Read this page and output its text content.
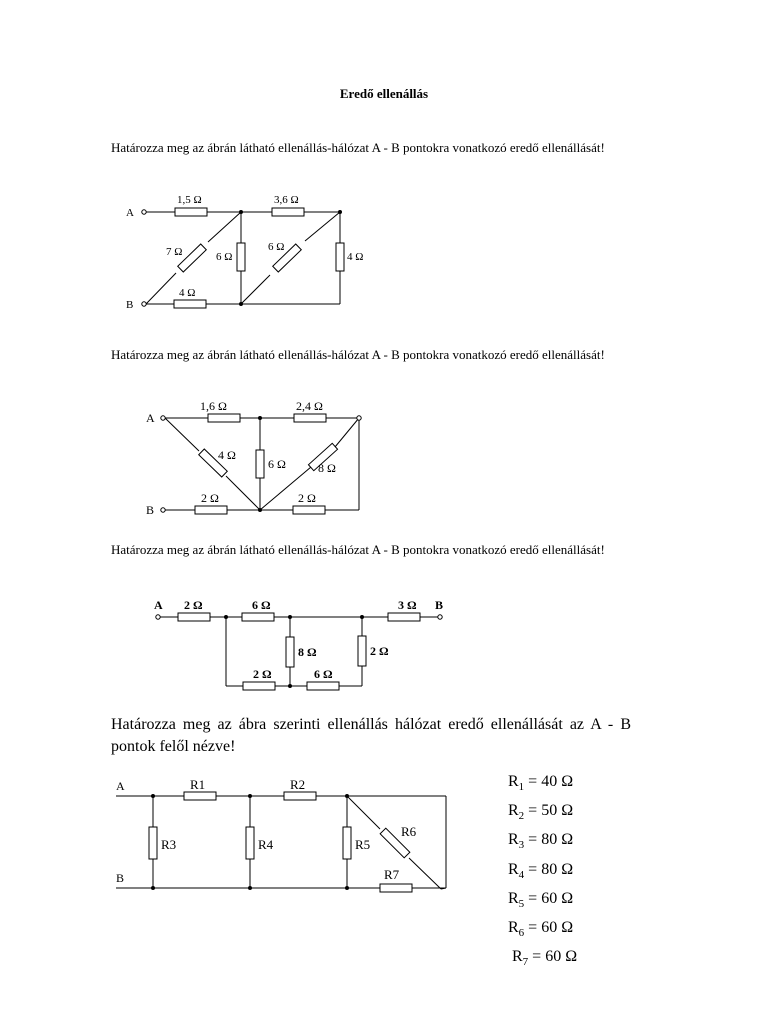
Eredő ellenállás
Határozza meg az ábrán látható ellenállás-hálózat A - B pontokra vonatkozó eredő ellenállását!
A
B
1,5 Ω	3,6 Ω
7 Ω	6 Ω
6 Ω
4 Ω
4 Ω
Határozza meg az ábrán látható ellenállás-hálózat A - B pontokra vonatkozó eredő ellenállását!
A
B
1,6 Ω	2,4 Ω
4 Ω
6 Ω	8 Ω
2 Ω	2 Ω
Határozza meg az ábrán látható ellenállás-hálózat A - B pontokra vonatkozó eredő ellenállását!
A	B
2 Ω	6 Ω	3 Ω
8 Ω	2 Ω
2 Ω	6 Ω
Határozza meg az ábra szerinti ellenállás hálózat eredő ellenállását az A - B pontok felől nézve!
A
B
R1	R2
R3	R4	R5
R6
R7
$R_1 = 40$ Ω
$R_2 = 50$ Ω
$R_3 = 80$ Ω
$R_4 = 80$ Ω
$R_5 = 60$ Ω
$R_6 = 60$ Ω
$R_7 = 60$ Ω
